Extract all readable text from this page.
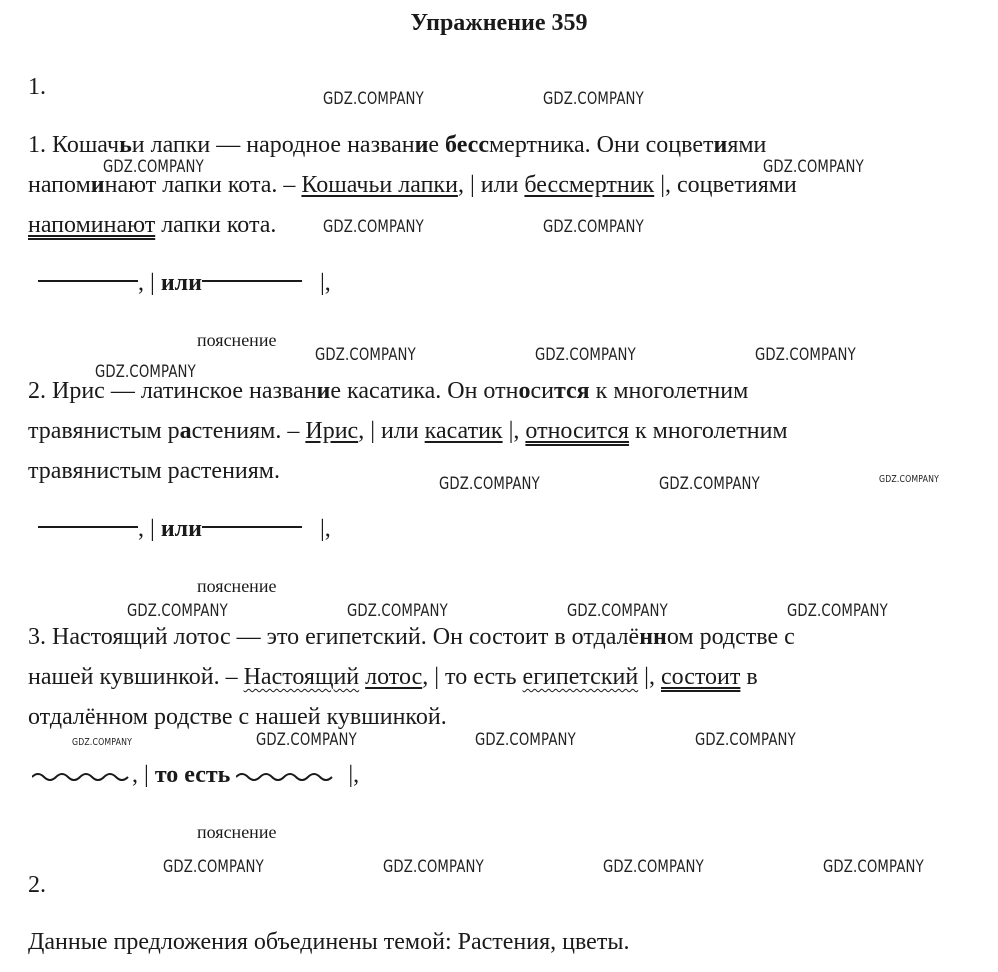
Упражнение 359
1.
1. Кошачьи лапки — народное название бессмертника. Они соцветиями
напоминают лапки кота. – Кошачьи лапки, | или бессмертник |, соцветиями
напоминают лапки кота.
, | или	|,
пояснение
2. Ирис — латинское название касатика. Он относится к многолетним
травянистым растениям. – Ирис, | или касатик |, относится к многолетним
травянистым растениям.
, | или	|,
пояснение
3. Настоящий лотос — это египетский. Он состоит в отдалённом родстве с
нашей кувшинкой. – Настоящий лотос, | то есть египетский |, состоит в
отдалённом родстве с нашей кувшинкой.
, | то есть	|,
пояснение
2.
Данные предложения объединены темой: Растения, цветы.
GDZ.COMPANY	GDZ.COMPANY
GDZ.COMPANY	GDZ.COMPANY
GDZ.COMPANY	GDZ.COMPANY
GDZ.COMPANY	GDZ.COMPANY	GDZ.COMPANY
GDZ.COMPANY
GDZ.COMPANY	GDZ.COMPANY	GDZ.COMPANY
GDZ.COMPANY	GDZ.COMPANY	GDZ.COMPANY	GDZ.COMPANY
GDZ.COMPANY	GDZ.COMPANY	GDZ.COMPANY	GDZ.COMPANY
GDZ.COMPANY	GDZ.COMPANY	GDZ.COMPANY	GDZ.COMPANY
